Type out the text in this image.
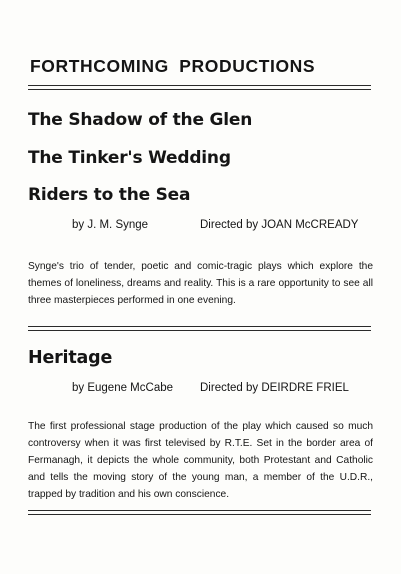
FORTHCOMING PRODUCTIONS
The Shadow of the Glen
The Tinker's Wedding
Riders to the Sea
by J. M. Synge	Directed by JOAN McCREADY
Synge's trio of tender, poetic and comic-tragic plays which explore the themes of loneliness, dreams and reality. This is a rare opportunity to see all three masterpieces performed in one evening.
Heritage
by Eugene McCabe Directed by DEIRDRE FRIEL
The first professional stage production of the play which caused so much controversy when it was first televised by R.T.E. Set in the border area of Fermanagh, it depicts the whole community, both Protestant and Catholic and tells the moving story of the young man, a member of the U.D.R., trapped by tradition and his own conscience.
